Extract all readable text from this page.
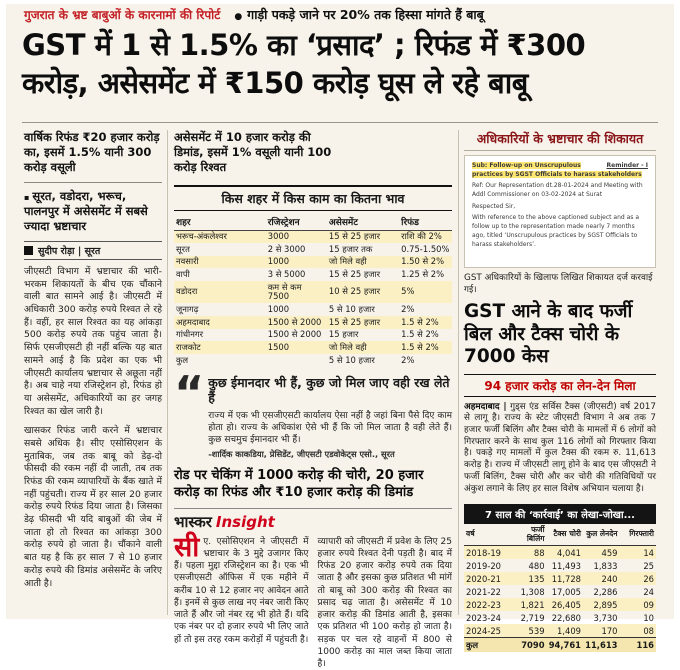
गुजरात के भ्रष्ट बाबुओं के कारनामों की रिपोर्ट ● गाड़ी पकड़े जाने पर 20% तक हिस्सा मांगते हैं बाबू
GST में 1 से 1.5% का ‘प्रसाद’ ; रिफंड में ₹300 करोड़, असेसमेंट में ₹150 करोड़ घूस ले रहे बाबू
वार्षिक रिफंड ₹20 हजार करोड़ का, इसमें 1.5% यानी 300 करोड़ वसूली
▪ सूरत, वडोदरा, भरूच, पालनपुर में असेसमेंट में सबसे ज्यादा भ्रष्टाचार
सुदीप रोड़ा | सूरत

जीएसटी विभाग में भ्रष्टाचार की भारी-भरकम शिकायतों के बीच एक चौंकाने वाली बात सामने आई है। जीएसटी में अधिकारी 300 करोड़ रुपये रिश्वत ले रहे हैं। वहीं, हर साल रिश्वत का यह आंकड़ा 500 करोड़ रुपये तक पहुंच जाता है। सिर्फ एसजीएसटी ही नहीं बल्कि यह बात सामने आई है कि प्रदेश का एक भी जीएसटी कार्यालय भ्रष्टाचार से अछूता नहीं है। अब चाहे नया रजिस्ट्रेशन हो, रिफंड हो या असेसमेंट, अधिकारियों का हर जगह रिश्वत का खेल जारी है।

खासकर रिफंड जारी करने में भ्रष्टाचार सबसे अधिक है। सीए एसोसिएशन के मुताबिक, जब तक बाबू को डेढ़-दो फीसदी की रकम नहीं दी जाती, तब तक रिफंड की रकम व्यापारियों के बैंक खाते में नहीं पहुंचती। राज्य में हर साल 20 हजार करोड़ रुपये रिफंड दिया जाता है। जिसका डेढ़ फीसदी भी यदि बाबुओं की जेब में जाता हो तो रिश्वत का आंकड़ा 300 करोड़ रुपये हो जाता है। चौंकाने वाली बात यह है कि हर साल 7 से 10 हजार करोड़ रुपये की डिमांड असेसमेंट के जरिए आती है।

असेसमेंट में 10 हजार करोड़ की डिमांड, इसमें 1% वसूली यानी 100 करोड़ रिश्वत
किस शहर में किस काम का कितना भाव
शहर	रजिस्ट्रेशन	असेसमेंट	रिफंड
भरूच-अंकलेश्वर	3000	15 से 25 हजार	राशि की 2%
सूरत	2 से 3000	15 हजार तक	0.75-1.50%
नवसारी	1000	जो मिले वही	1.50 से 2%
वापी	3 से 5000	15 से 25 हजार	1.25 से 2%
वडोदरा	कम से कम 7500	10 से 25 हजार	5%
जूनागढ़	1000	5 से 10 हजार	2%
अहमदाबाद	1500 से 2000	15 से 25 हजार	1.5 से 2%
गांधीनगर	1500 से 2000	15 हजार	1.5 से 2%
राजकोट	1500	जो मिले वही	1.5 से 2%
कुल		5 से 10 हजार	2%
“ कुछ ईमानदार भी हैं, कुछ जो मिल जाए वही रख लेते हैं

राज्य में एक भी एसजीएसटी कार्यालय ऐसा नहीं है जहां बिना पैसे दिए काम होता हो। राज्य के अधिकांश ऐसे भी हैं कि जो मिल जाता है वही लेते हैं। कुछ सचमुच ईमानदार भी हैं।

-शार्दिक काकडिया, प्रेसिडेंट, जीएसटी एडवोकेट्स एसो., सूरत
रोड पर चेकिंग में 1000 करोड़ की चोरी, 20 हजार करोड़ का रिफंड और ₹10 हजार करोड़ की डिमांड
भास्कर Insight
सीए. एसोसिएशन ने जीएसटी में भ्रष्टाचार के 3 मुद्दे उजागर किए हैं। पहला मुद्दा रजिस्ट्रेशन का है। एक भी एसजीएसटी ऑफिस में एक महीने में करीब 10 से 12 हजार नए आवेदन आते हैं। इनमें से कुछ लाख नए नंबर जारी किए जाते हैं और जो नंबर रद्द भी होते हैं। यदि एक नंबर पर दो हजार रुपये भी लिए जाते हों तो इस तरह रकम करोड़ों में पहुंचती है।
व्यापारी को जीएसटी में प्रवेश के लिए 25 हजार रुपये रिश्वत देनी पड़ती है। बाद में रिफंड 20 हजार करोड़ रुपये तक दिया जाता है और इसका कुछ प्रतिशत भी मांगें तो बाबू को 300 करोड़ की रिश्वत का प्रसाद चढ़ जाता है। असेसमेंट में 10 हजार करोड़ की डिमांड आती है, इसका एक प्रतिशत भी 100 करोड़ हो जाता है। सड़क पर चल रहे वाहनों में 800 से 1000 करोड़ का माल जब्त किया जाता है।
अधिकारियों के भ्रष्टाचार की शिकायत
Reminder - I

Sub: Follow-up on Unscrupulous practices by SGST Officials to harass stakeholders

Ref: Our Representation dt.28-01-2024 and Meeting with Addl Commissioner on 03-02-2024 at Surat

Respected Sir,

With reference to the above captioned subject and as a follow up to the representation made nearly 7 months ago, titled ‘Unscrupulous practices by SGST Officials to harass stakeholders’.

GST अधिकारियों के खिलाफ लिखित शिकायत दर्ज करवाई गई।
GST आने के बाद फर्जी बिल और टैक्स चोरी के 7000 केस
94 हजार करोड़ का लेन-देन मिला

अहमदाबाद | गुड्स एंड सर्विस टैक्स (जीएसटी) वर्ष 2017 से लागू है। राज्य के स्टेट जीएसटी विभाग ने अब तक 7 हजार फर्जी बिलिंग और टैक्स चोरी के मामलों में 6 लोगों को गिरफ्तार करने के साथ कुल 116 लोगों को गिरफ्तार किया है। पकड़े गए मामलों में कुल टैक्स की रकम रु. 11,613 करोड़ है। राज्य में जीएसटी लागू होने के बाद एस जीएसटी ने फर्जी बिलिंग, टैक्स चोरी और कर चोरी की गतिविधियों पर अंकुश लगाने के लिए हर साल विशेष अभियान चलाया है।

7 साल की ‘कार्रवाई’ का लेखा-जोखा...
वर्ष	फर्जी बिलिंग	टैक्स चोरी	कुल लेनदेन	गिरफ्तारी
2018-19	88	4,041	459	14
2019-20	480	11,493	1,833	25
2020-21	135	11,728	240	26
2021-22	1,308	17,005	2,286	24
2022-23	1,821	26,405	2,895	09
2023-24	2,719	22,680	3,730	10
2024-25	539	1,409	170	08
कुल	7090	94,761	11,613	116
